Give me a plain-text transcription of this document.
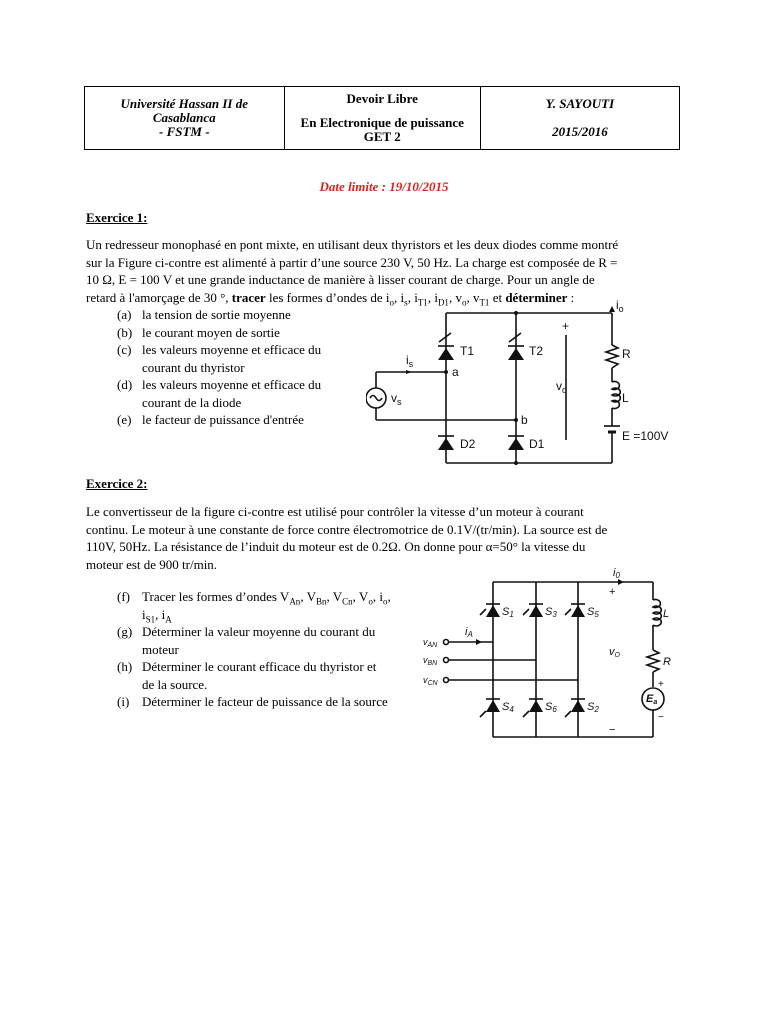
Université Hassan II de
Casablanca
- FSTM -

Devoir Libre
En Electronique de puissance
GET 2

Y. SAYOUTI
2015/2016
Date limite : 19/10/2015
Exercice 1:
Un redresseur monophasé en pont mixte, en utilisant deux thyristors et les deux diodes comme montré
sur la Figure ci-contre est alimenté à partir d’une source 230 V, 50 Hz. La charge est composée de R =
10 Ω, E = 100 V et une grande inductance de manière à lisser courant de charge. Pour un angle de
retard à l'amorçage de 30 °, tracer les formes d’ondes de $i_o$, $i_s$, $i_{T1}$, $i_{D1}$, $v_o$, $v_{T1}$ et déterminer :
(a) la tension de sortie moyenne
(b) le courant moyen de sortie
(c) les valeurs moyenne et efficace du
courant du thyristor
(d) les valeurs moyenne et efficace du
courant de la diode
(e) le facteur de puissance d'entrée
$i_s$
T1	T2
a
b
$v_s$
$v_o$
+
R
L
E =100V
D2	D1
$i_o$
Exercice 2:
Le convertisseur de la figure ci-contre est utilisé pour contrôler la vitesse d’un moteur à courant
continu. Le moteur à une constante de force contre électromotrice de 0.1V/(tr/min). La source est de
110V, 50Hz. La résistance de l’induit du moteur est de 0.2Ω. On donne pour α=50° la vitesse du
moteur est de 900 tr/min.
(f) Tracer les formes d’ondes $V_{An}$, $V_{Bn}$, $V_{Cn}$, $V_o$, $i_o$,
$i_{S1}$, $i_A$
(g) Déterminer la valeur moyenne du courant du
moteur
(h) Déterminer le courant efficace du thyristor et
de la source.
(i) Déterminer le facteur de puissance de la source
i0
S1	S3	S5
S4	S6	S2
iA
$v_{AN}$
$v_{BN}$
$v_{CN}$
vO
+
−
L
R
+
−
Ea
